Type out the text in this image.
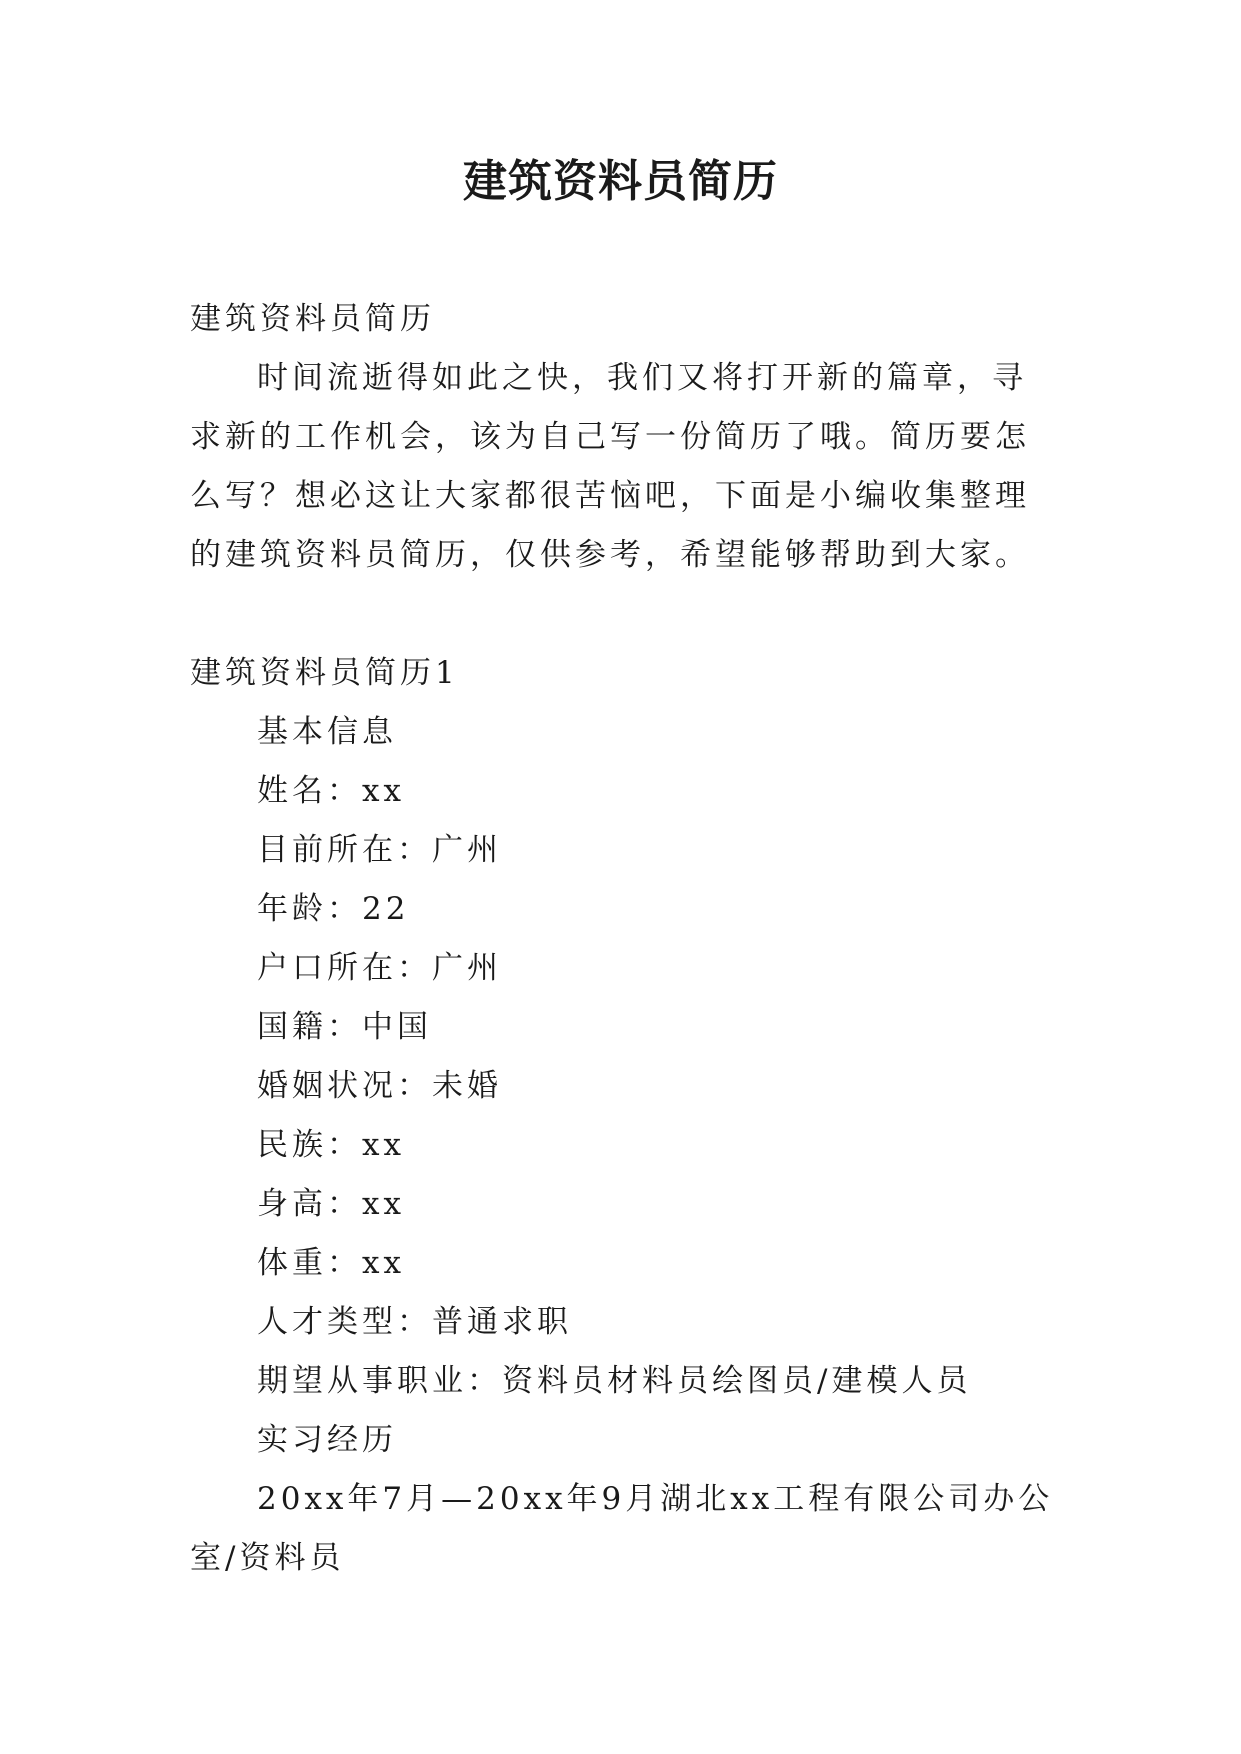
建筑资料员简历

建筑资料员简历

时间流逝得如此之快，我们又将打开新的篇章，寻求新的工作机会，该为自己写一份简历了哦。简历要怎么写？想必这让大家都很苦恼吧，下面是小编收集整理的建筑资料员简历，仅供参考，希望能够帮助到大家。

建筑资料员简历1

基本信息

姓名：xx

目前所在：广州

年龄：22

户口所在：广州

国籍：中国

婚姻状况：未婚

民族：xx

身高：xx

体重：xx

人才类型：普通求职

期望从事职业：资料员材料员绘图员/建模人员

实习经历

20xx年7月—20xx年9月湖北xx工程有限公司办公室/资料员
